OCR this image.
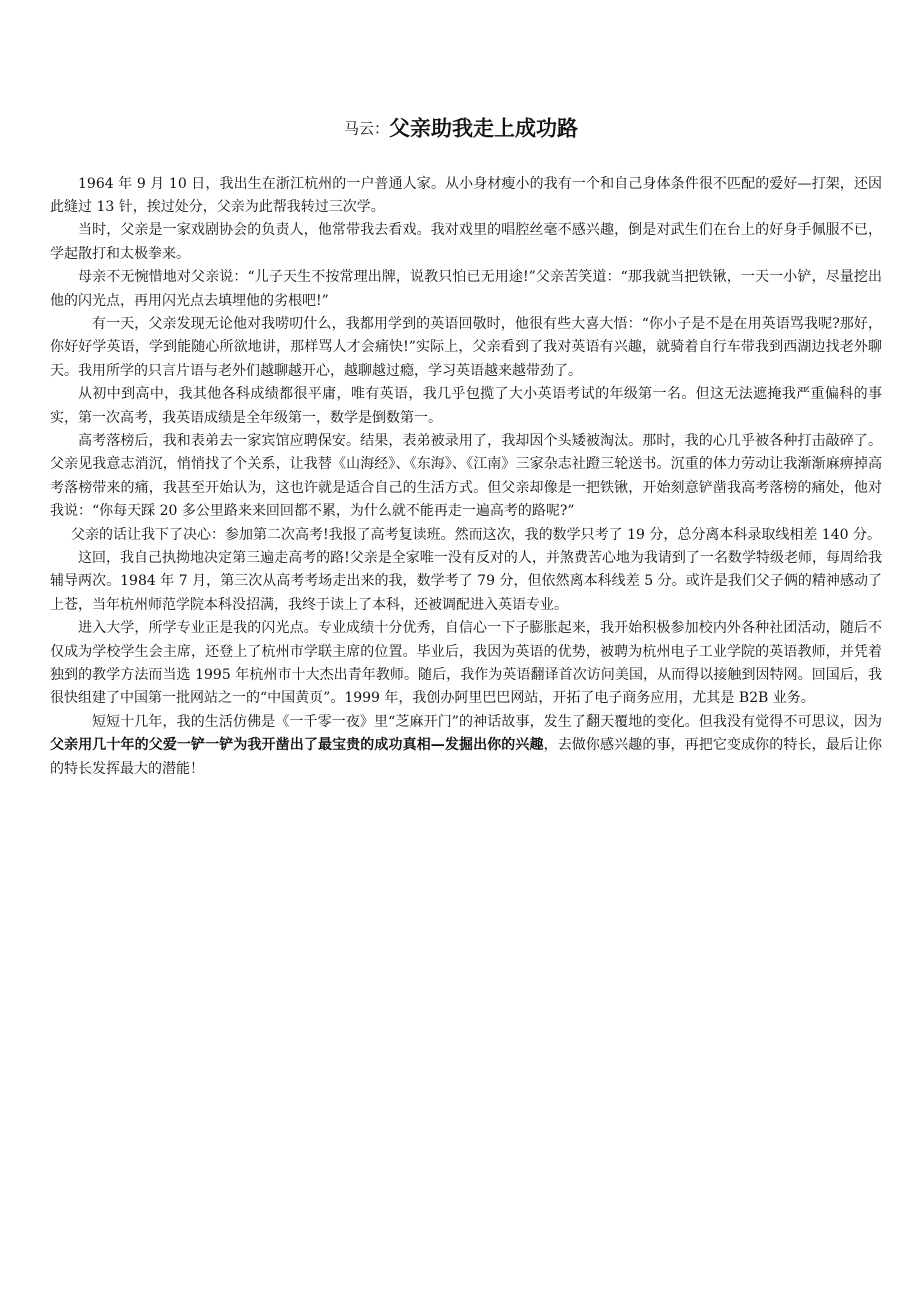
马云：父亲助我走上成功路

1964 年 9 月 10 日，我出生在浙江杭州的一户普通人家。从小身材瘦小的我有一个和自己身体条件很不匹配的爱好—打架，还因此缝过 13 针，挨过处分，父亲为此帮我转过三次学。

当时，父亲是一家戏剧协会的负责人，他常带我去看戏。我对戏里的唱腔丝毫不感兴趣，倒是对武生们在台上的好身手佩服不已，学起散打和太极拳来。

母亲不无惋惜地对父亲说：“儿子天生不按常理出牌，说教只怕已无用途!”父亲苦笑道：“那我就当把铁锹，一天一小铲，尽量挖出他的闪光点，再用闪光点去填埋他的劣根吧!”

有一天，父亲发现无论他对我唠叨什么，我都用学到的英语回敬时，他很有些大喜大悟：“你小子是不是在用英语骂我呢?那好，你好好学英语，学到能随心所欲地讲，那样骂人才会痛快!”实际上，父亲看到了我对英语有兴趣，就骑着自行车带我到西湖边找老外聊天。我用所学的只言片语与老外们越聊越开心，越聊越过瘾，学习英语越来越带劲了。

从初中到高中，我其他各科成绩都很平庸，唯有英语，我几乎包揽了大小英语考试的年级第一名。但这无法遮掩我严重偏科的事实，第一次高考，我英语成绩是全年级第一，数学是倒数第一。

高考落榜后，我和表弟去一家宾馆应聘保安。结果，表弟被录用了，我却因个头矮被淘汰。那时，我的心几乎被各种打击敲碎了。父亲见我意志消沉，悄悄找了个关系，让我替《山海经》、《东海》、《江南》三家杂志社蹬三轮送书。沉重的体力劳动让我渐渐麻痹掉高考落榜带来的痛，我甚至开始认为，这也许就是适合自己的生活方式。但父亲却像是一把铁锹，开始刻意铲凿我高考落榜的痛处，他对我说：“你每天踩 20 多公里路来来回回都不累，为什么就不能再走一遍高考的路呢?”

父亲的话让我下了决心：参加第二次高考!我报了高考复读班。然而这次，我的数学只考了 19 分，总分离本科录取线相差 140 分。

这回，我自己执拗地决定第三遍走高考的路!父亲是全家唯一没有反对的人，并煞费苦心地为我请到了一名数学特级老师，每周给我辅导两次。1984 年 7 月，第三次从高考考场走出来的我，数学考了 79 分，但依然离本科线差 5 分。或许是我们父子俩的精神感动了上苍，当年杭州师范学院本科没招满，我终于读上了本科，还被调配进入英语专业。

进入大学，所学专业正是我的闪光点。专业成绩十分优秀，自信心一下子膨胀起来，我开始积极参加校内外各种社团活动，随后不仅成为学校学生会主席，还登上了杭州市学联主席的位置。毕业后，我因为英语的优势，被聘为杭州电子工业学院的英语教师，并凭着独到的教学方法而当选 1995 年杭州市十大杰出青年教师。随后，我作为英语翻译首次访问美国，从而得以接触到因特网。回国后，我很快组建了中国第一批网站之一的“中国黄页”。1999 年，我创办阿里巴巴网站，开拓了电子商务应用，尤其是 B2B 业务。

短短十几年，我的生活仿佛是《一千零一夜》里“芝麻开门”的神话故事，发生了翻天覆地的变化。但我没有觉得不可思议，因为父亲用几十年的父爱一铲一铲为我开凿出了最宝贵的成功真相—发掘出你的兴趣，去做你感兴趣的事，再把它变成你的特长，最后让你的特长发挥最大的潜能！
